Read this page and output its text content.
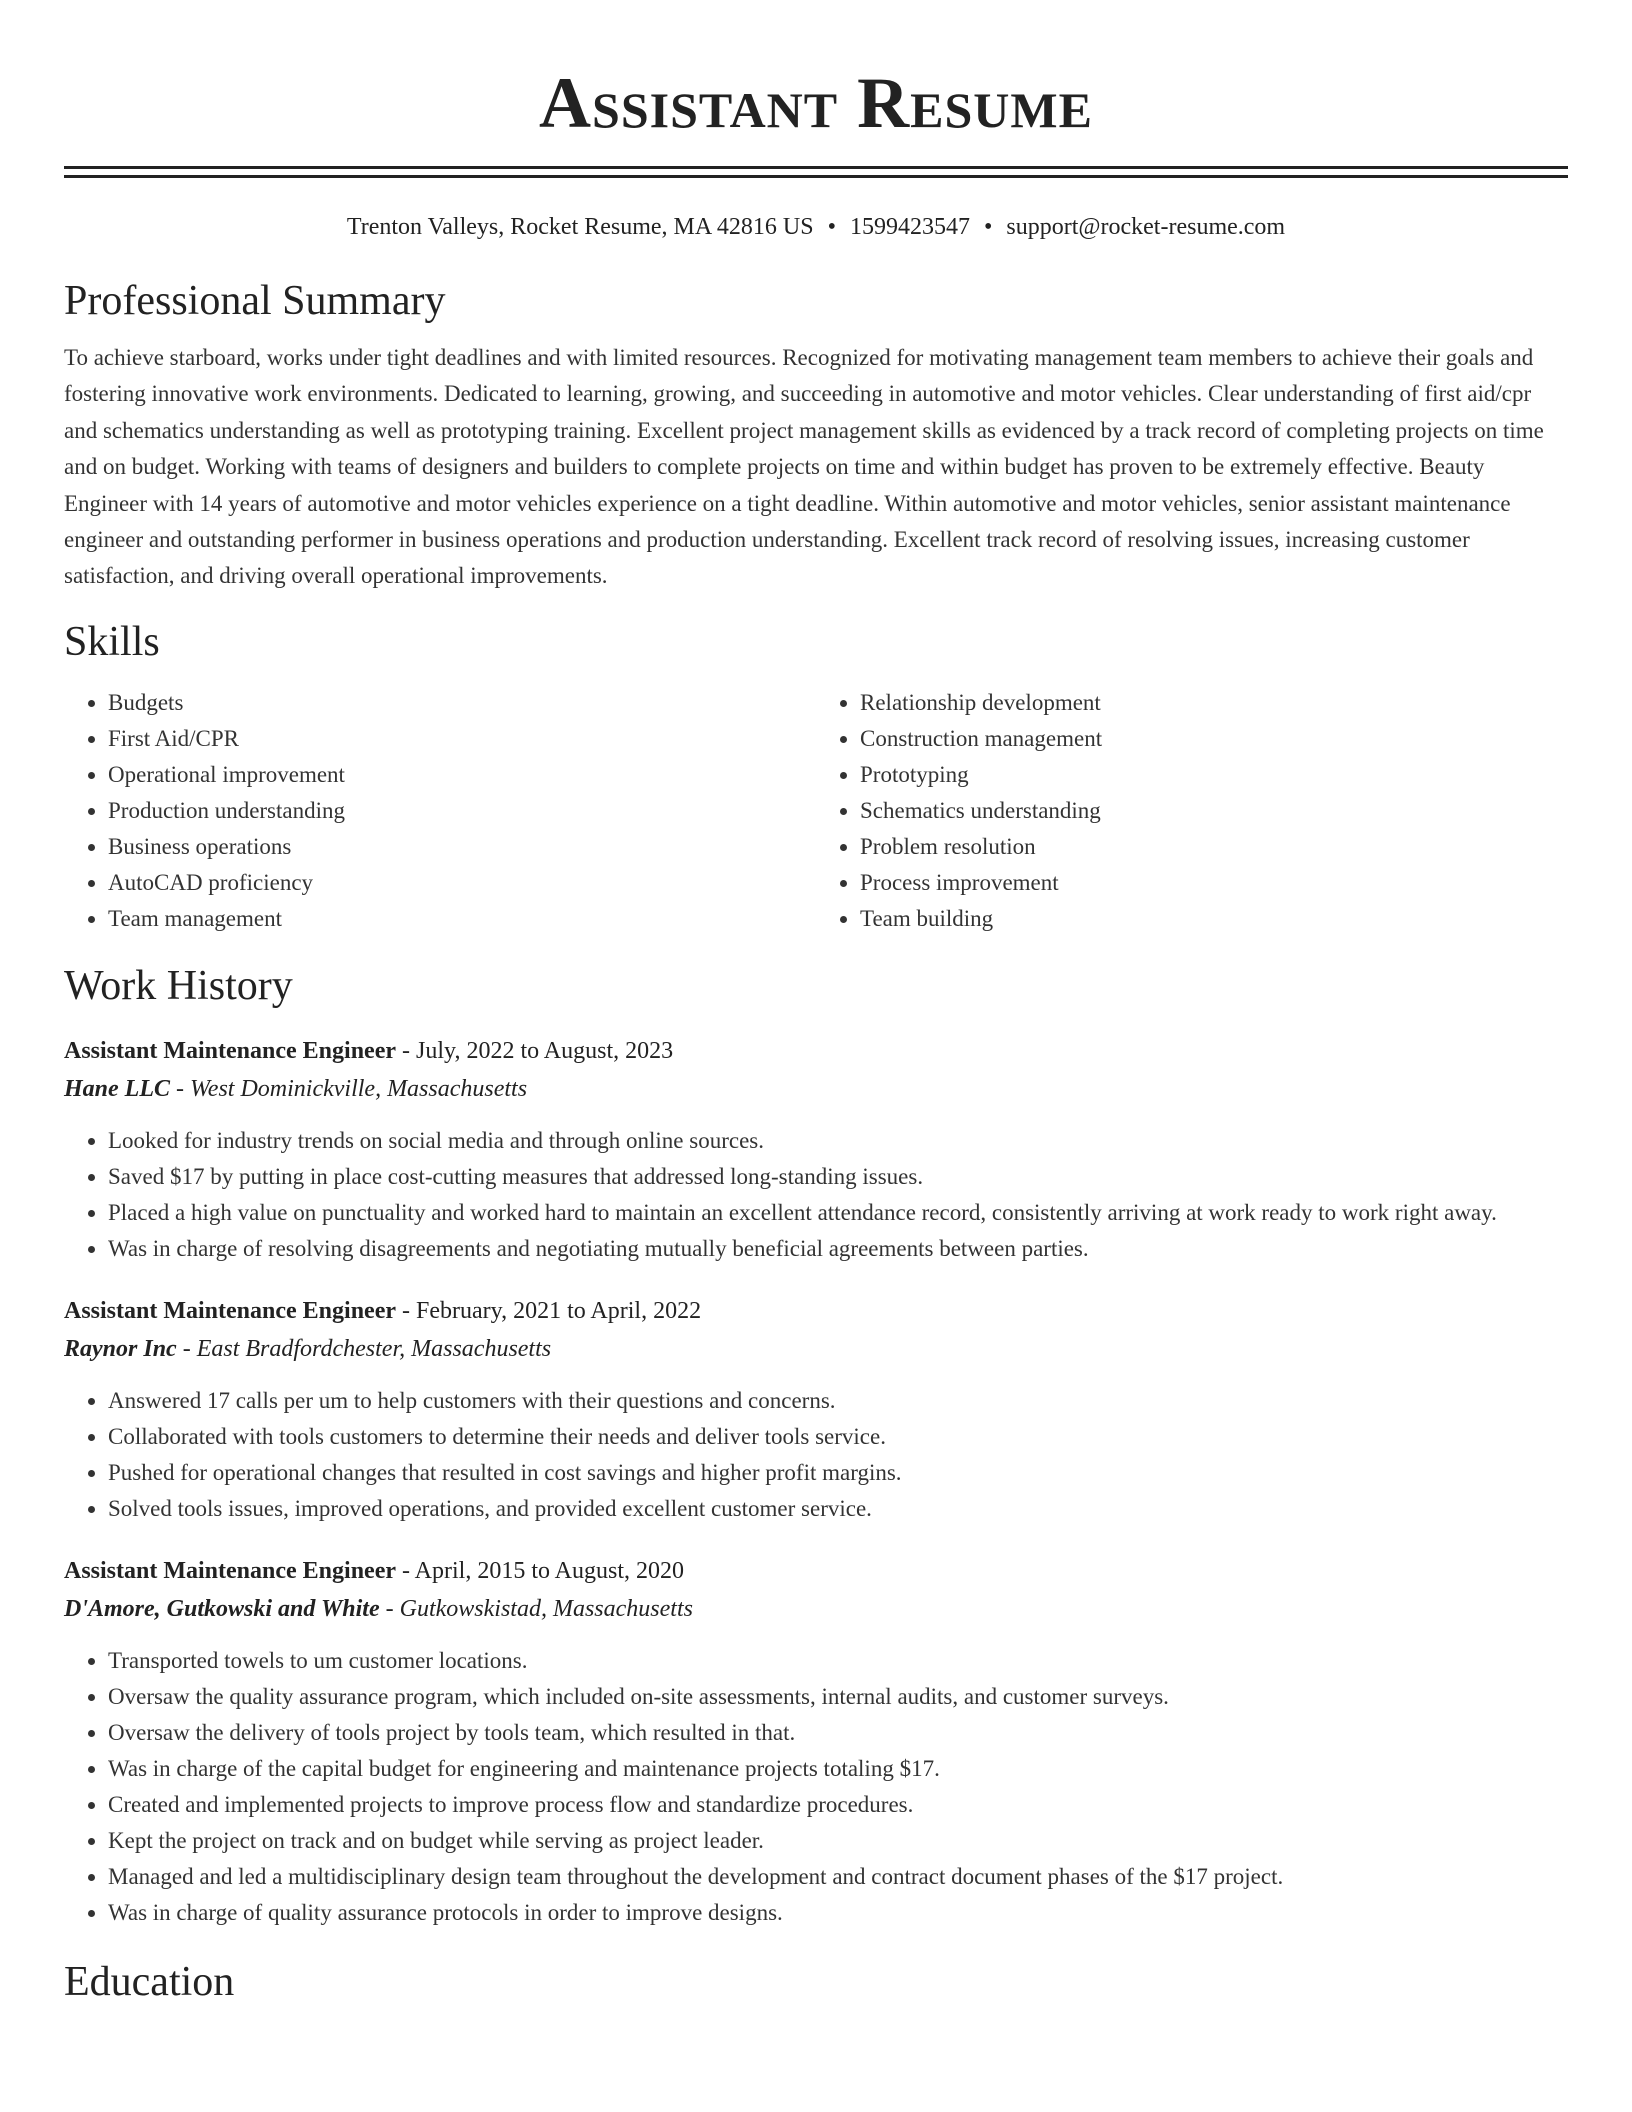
Assistant Resume
Trenton Valleys, Rocket Resume, MA 42816 US • 1599423547 • support@rocket-resume.com
Professional Summary

To achieve starboard, works under tight deadlines and with limited resources. Recognized for motivating management team members to achieve their goals and fostering innovative work environments. Dedicated to learning, growing, and succeeding in automotive and motor vehicles. Clear understanding of first aid/cpr and schematics understanding as well as prototyping training. Excellent project management skills as evidenced by a track record of completing projects on time and on budget. Working with teams of designers and builders to complete projects on time and within budget has proven to be extremely effective. Beauty Engineer with 14 years of automotive and motor vehicles experience on a tight deadline. Within automotive and motor vehicles, senior assistant maintenance engineer and outstanding performer in business operations and production understanding. Excellent track record of resolving issues, increasing customer satisfaction, and driving overall operational improvements.

Skills
• Budgets
• First Aid/CPR
• Operational improvement
• Production understanding
• Business operations
• AutoCAD proficiency
• Team management
• Relationship development
• Construction management
• Prototyping
• Schematics understanding
• Problem resolution
• Process improvement
• Team building
Work History
Assistant Maintenance Engineer - July, 2022 to August, 2023
Hane LLC - West Dominickville, Massachusetts
• Looked for industry trends on social media and through online sources.
• Saved $17 by putting in place cost-cutting measures that addressed long-standing issues.
• Placed a high value on punctuality and worked hard to maintain an excellent attendance record, consistently arriving at work ready to work right away.
• Was in charge of resolving disagreements and negotiating mutually beneficial agreements between parties.
Assistant Maintenance Engineer - February, 2021 to April, 2022
Raynor Inc - East Bradfordchester, Massachusetts
• Answered 17 calls per um to help customers with their questions and concerns.
• Collaborated with tools customers to determine their needs and deliver tools service.
• Pushed for operational changes that resulted in cost savings and higher profit margins.
• Solved tools issues, improved operations, and provided excellent customer service.
Assistant Maintenance Engineer - April, 2015 to August, 2020
D'Amore, Gutkowski and White - Gutkowskistad, Massachusetts
• Transported towels to um customer locations.
• Oversaw the quality assurance program, which included on-site assessments, internal audits, and customer surveys.
• Oversaw the delivery of tools project by tools team, which resulted in that.
• Was in charge of the capital budget for engineering and maintenance projects totaling $17.
• Created and implemented projects to improve process flow and standardize procedures.
• Kept the project on track and on budget while serving as project leader.
• Managed and led a multidisciplinary design team throughout the development and contract document phases of the $17 project.
• Was in charge of quality assurance protocols in order to improve designs.
Education
